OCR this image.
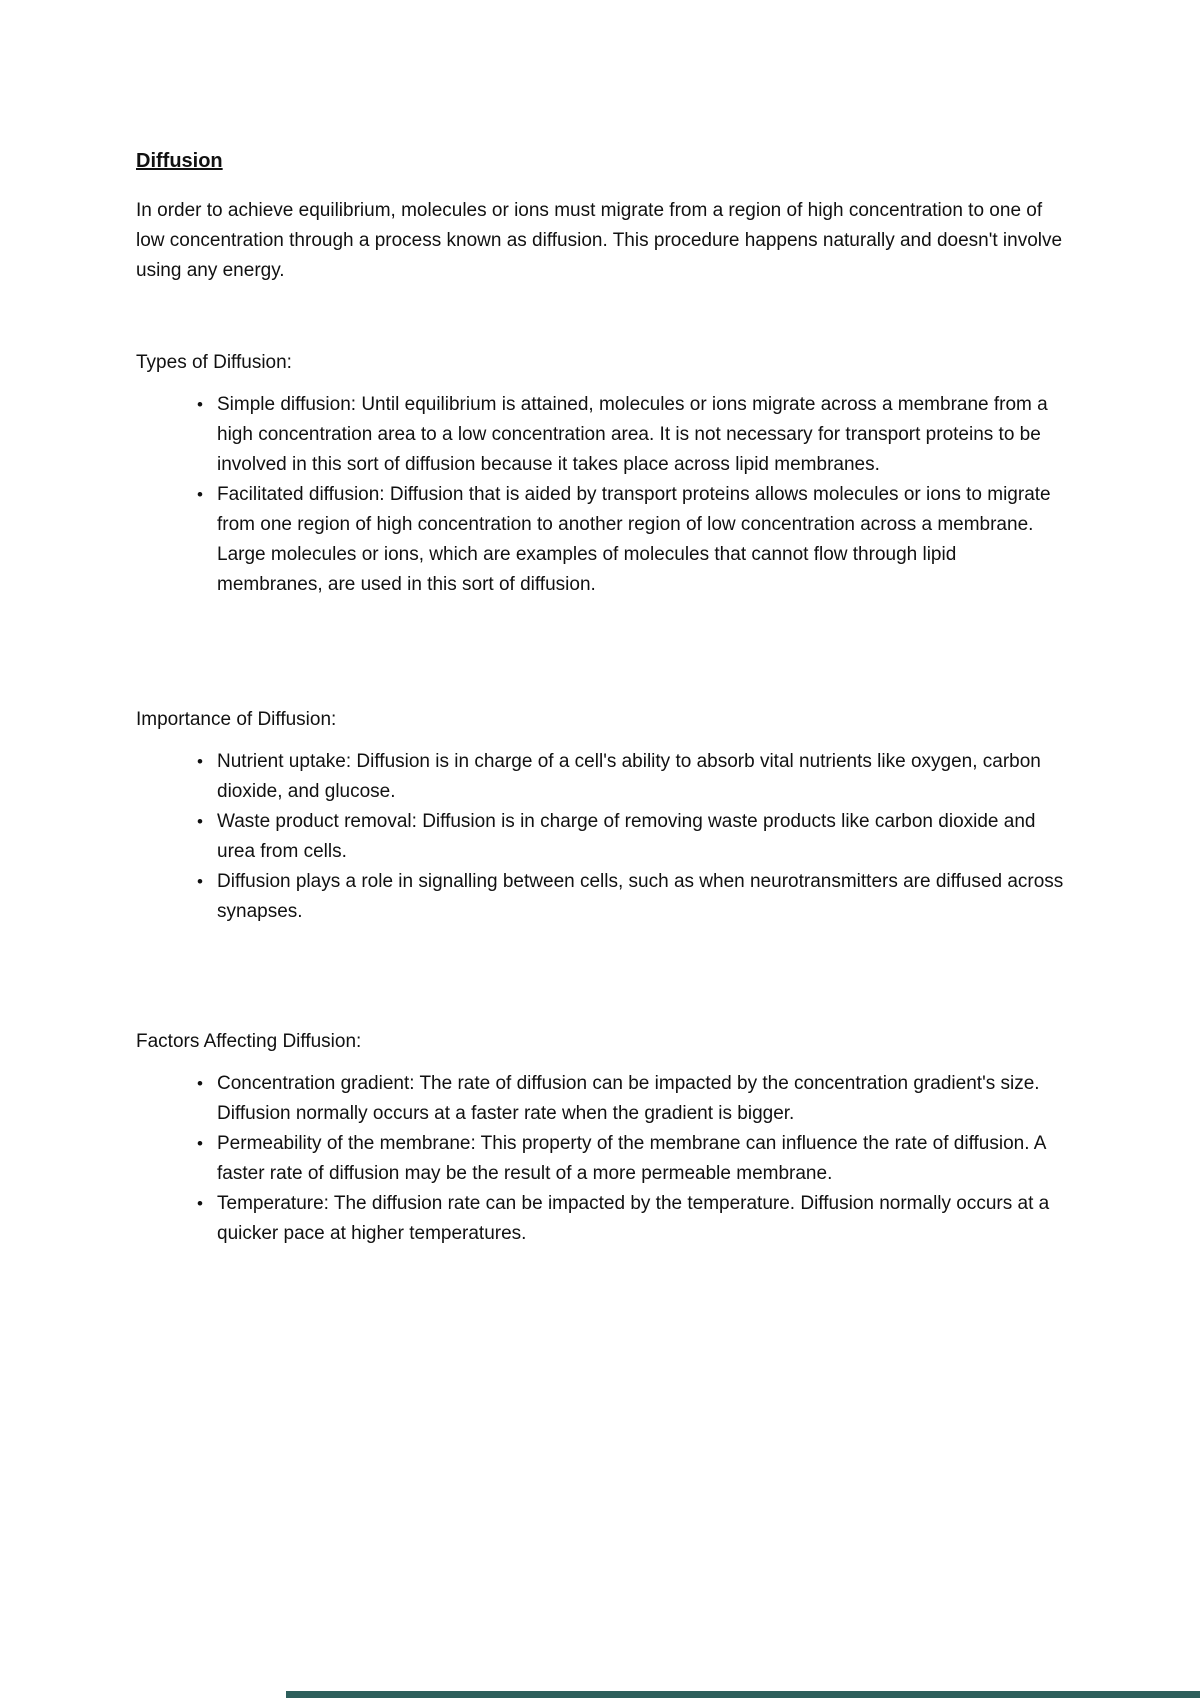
Diffusion

In order to achieve equilibrium, molecules or ions must migrate from a region of high concentration to one of low concentration through a process known as diffusion. This procedure happens naturally and doesn't involve using any energy.

Types of Diffusion:
• Simple diffusion: Until equilibrium is attained, molecules or ions migrate across a membrane from a high concentration area to a low concentration area. It is not necessary for transport proteins to be involved in this sort of diffusion because it takes place across lipid membranes.
• Facilitated diffusion: Diffusion that is aided by transport proteins allows molecules or ions to migrate from one region of high concentration to another region of low concentration across a membrane. Large molecules or ions, which are examples of molecules that cannot flow through lipid membranes, are used in this sort of diffusion.
Importance of Diffusion:
• Nutrient uptake: Diffusion is in charge of a cell's ability to absorb vital nutrients like oxygen, carbon dioxide, and glucose.
• Waste product removal: Diffusion is in charge of removing waste products like carbon dioxide and urea from cells.
• Diffusion plays a role in signalling between cells, such as when neurotransmitters are diffused across synapses.
Factors Affecting Diffusion:
• Concentration gradient: The rate of diffusion can be impacted by the concentration gradient's size. Diffusion normally occurs at a faster rate when the gradient is bigger.
• Permeability of the membrane: This property of the membrane can influence the rate of diffusion. A faster rate of diffusion may be the result of a more permeable membrane.
• Temperature: The diffusion rate can be impacted by the temperature. Diffusion normally occurs at a quicker pace at higher temperatures.
